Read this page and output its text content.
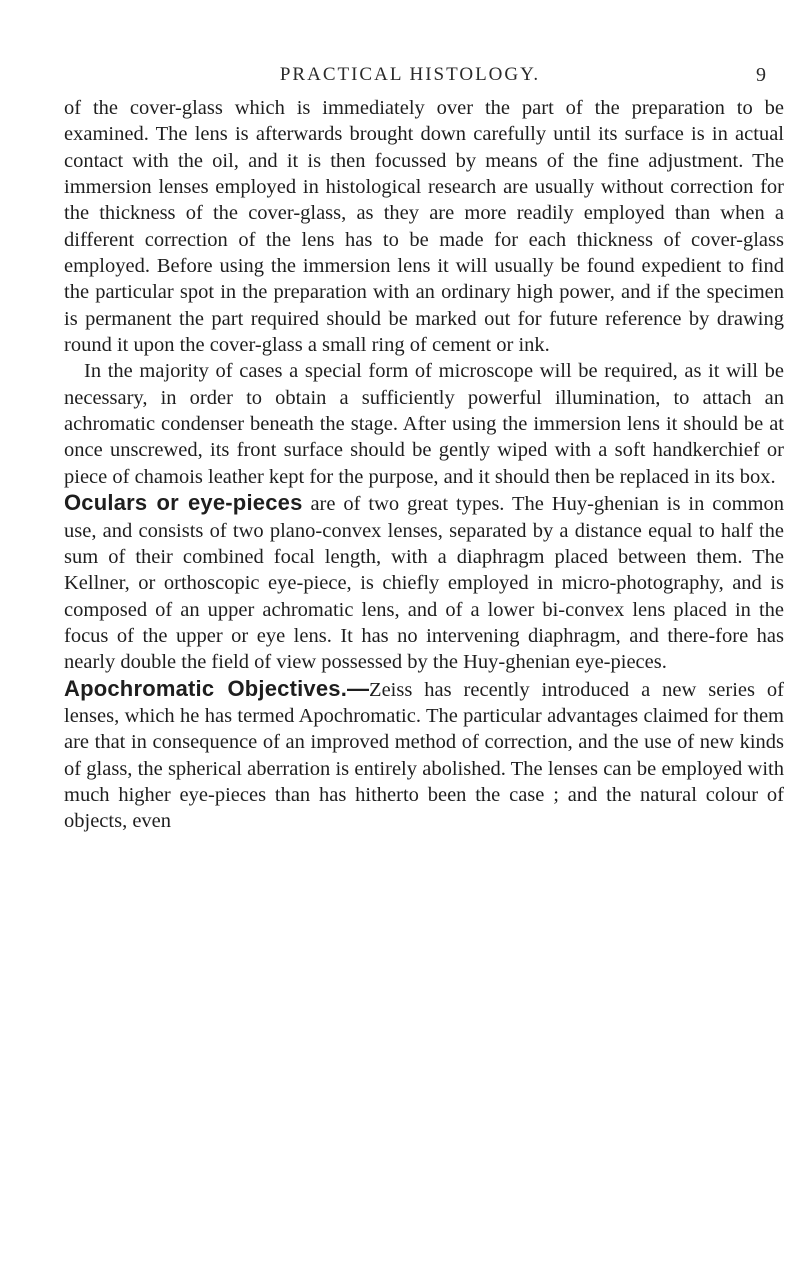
PRACTICAL HISTOLOGY.	9

of the cover-glass which is immediately over the part of the preparation to be examined. The lens is afterwards brought down carefully until its surface is in actual contact with the oil, and it is then focussed by means of the fine adjustment. The immersion lenses employed in histological research are usually without correction for the thickness of the cover-glass, as they are more readily employed than when a different correction of the lens has to be made for each thickness of cover-glass employed. Before using the immersion lens it will usually be found expedient to find the particular spot in the preparation with an ordinary high power, and if the specimen is permanent the part required should be marked out for future reference by drawing round it upon the cover-glass a small ring of cement or ink.

In the majority of cases a special form of microscope will be required, as it will be necessary, in order to obtain a sufficiently powerful illumination, to attach an achromatic condenser beneath the stage. After using the immersion lens it should be at once unscrewed, its front surface should be gently wiped with a soft handkerchief or piece of chamois leather kept for the purpose, and it should then be replaced in its box.

Oculars or eye-pieces are of two great types. The Huy-ghenian is in common use, and consists of two plano-convex lenses, separated by a distance equal to half the sum of their combined focal length, with a diaphragm placed between them. The Kellner, or orthoscopic eye-piece, is chiefly employed in micro-photography, and is composed of an upper achromatic lens, and of a lower bi-convex lens placed in the focus of the upper or eye lens. It has no intervening diaphragm, and there-fore has nearly double the field of view possessed by the Huy-ghenian eye-pieces.

Apochromatic Objectives.—Zeiss has recently introduced a new series of lenses, which he has termed Apochromatic. The particular advantages claimed for them are that in consequence of an improved method of correction, and the use of new kinds of glass, the spherical aberration is entirely abolished. The lenses can be employed with much higher eye-pieces than has hitherto been the case ; and the natural colour of objects, even
